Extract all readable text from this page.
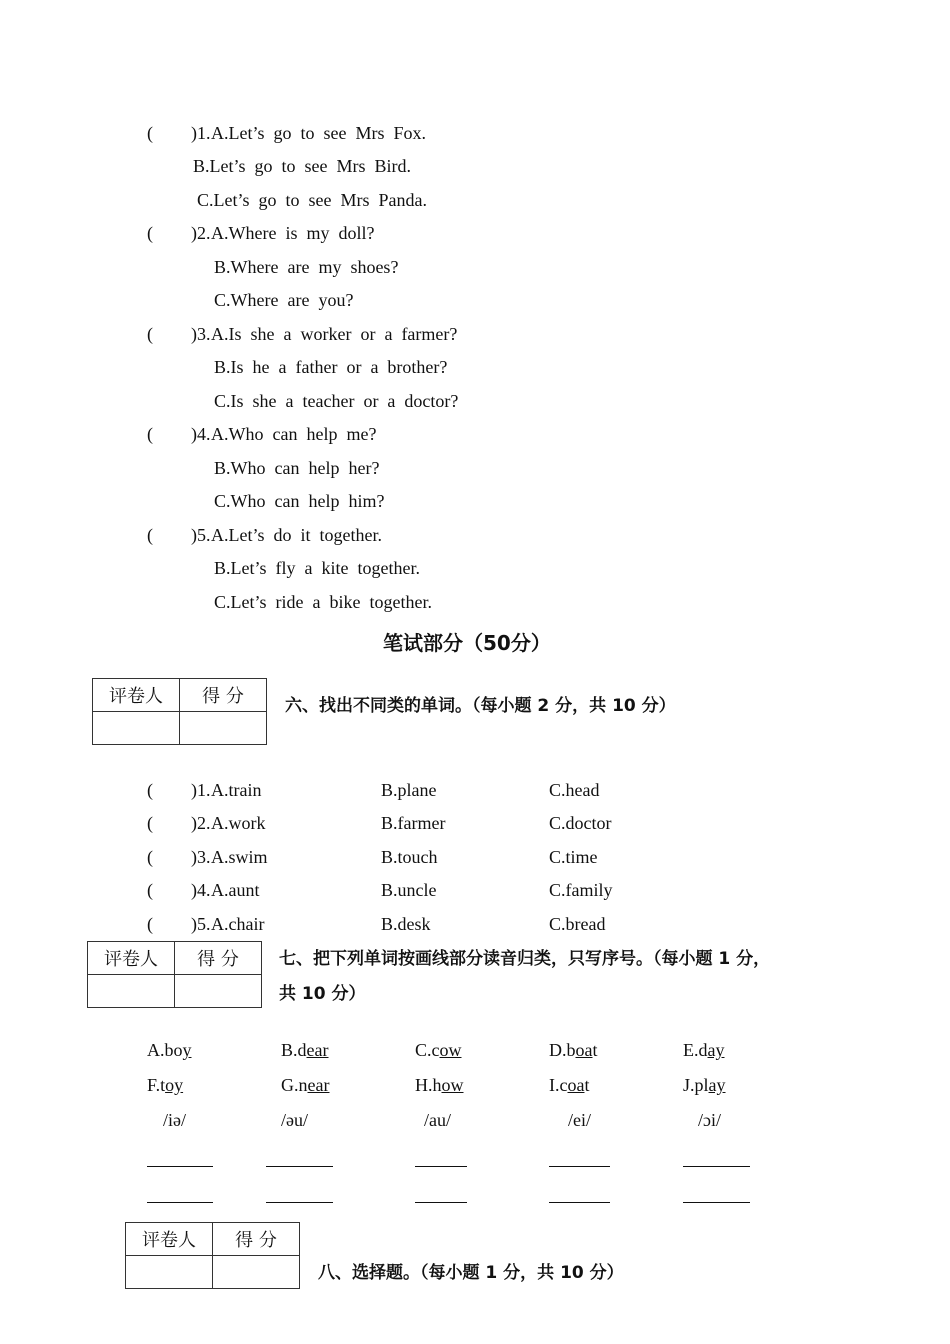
( )1. A.Let’s  go  to  see  Mrs  Fox.
B.Let’s  go  to  see  Mrs  Bird.
C.Let’s  go  to  see  Mrs  Panda.
( )2. A.Where  is  my  doll?
B.Where  are  my  shoes?
C.Where  are  you?
( )3. A.Is  she  a  worker  or  a  farmer?
B.Is  he  a  father  or  a  brother?
C.Is  she  a  teacher  or  a  doctor?
( )4. A.Who  can  help  me?
B.Who  can  help  her?
C.Who  can  help  him?
( )5. A.Let’s  do  it  together.
B.Let’s  fly  a  kite  together.
C.Let’s  ride  a  bike  together.
笔试部分（50分）
评卷人	得 分
	六、找出不同类的单词。（每小题 2 分，共 10 分）
( )1. A.train	B.plane	C.head
( )2. A.work	B.farmer	C.doctor
( )3. A.swim	B.touch	C.time
( )4. A.aunt	B.uncle	C.family
( )5. A.chair	B.desk	C.bread
评卷人	得 分
	七、把下列单词按画线部分读音归类，只写序号。（每小题 1 分，
共 10 分）
A.boy	B.dear	C.cow	D.boat	E.day
F.toy	G.near	H.how	I.coat	J.play
/iə/	/əu/	/au/	/ei/	/ɔi/
评卷人	得 分

八、选择题。（每小题 1 分，共 10 分）
